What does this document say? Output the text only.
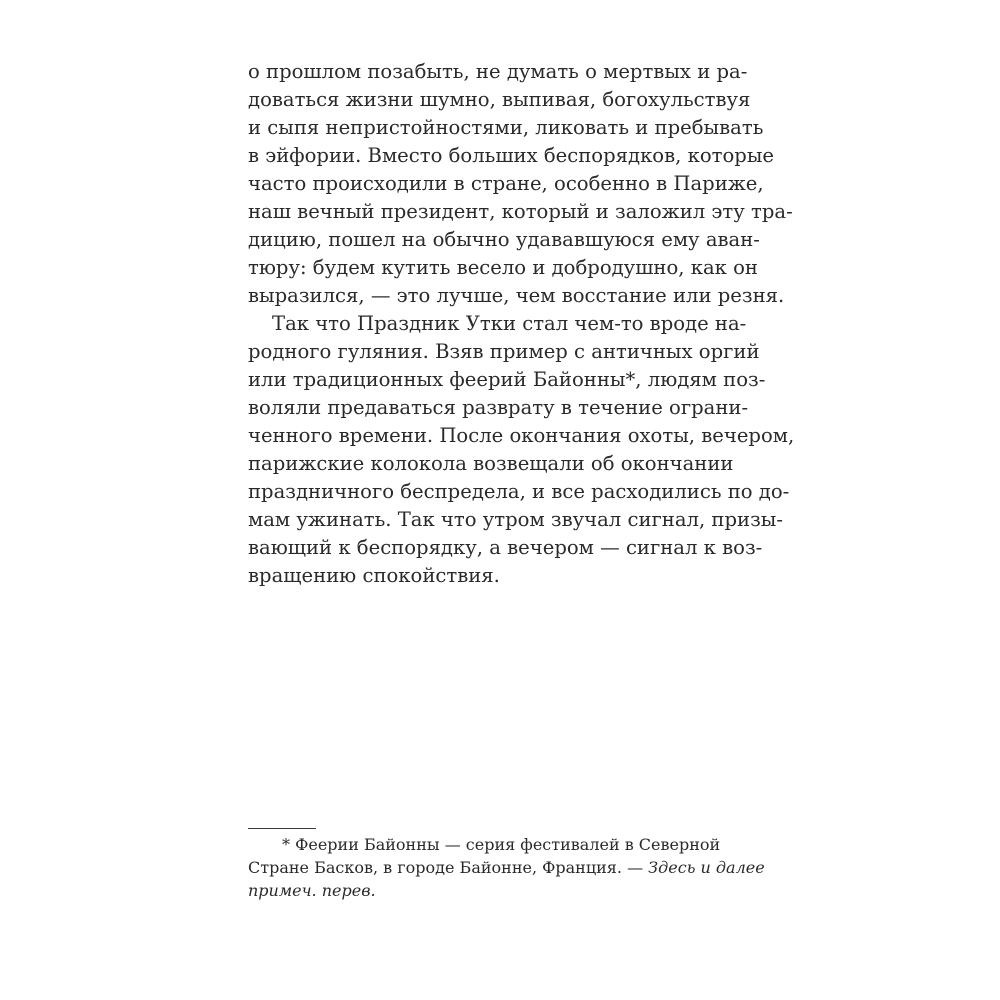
о прошлом позабыть, не думать о мертвых и ра-
доваться жизни шумно, выпивая, богохульствуя
и сыпя непристойностями, ликовать и пребывать
в эйфории. Вместо больших беспорядков, которые
часто происходили в стране, особенно в Париже,
наш вечный президент, который и заложил эту тра-
дицию, пошел на обычно удававшуюся ему аван-
тюру: будем кутить весело и добродушно, как он
выразился, — это лучше, чем восстание или резня.
Так что Праздник Утки стал чем-то вроде на-
родного гуляния. Взяв пример с античных оргий
или традиционных феерий Байонны*, людям поз-
воляли предаваться разврату в течение ограни-
ченного времени. После окончания охоты, вечером,
парижские колокола возвещали об окончании
праздничного беспредела, и все расходились по до-
мам ужинать. Так что утром звучал сигнал, призы-
вающий к беспорядку, а вечером — сигнал к воз-
вращению спокойствия.
* Феерии Байонны — серия фестивалей в Северной
Стране Басков, в городе Байонне, Франция. — Здесь и далее
примеч. перев.
